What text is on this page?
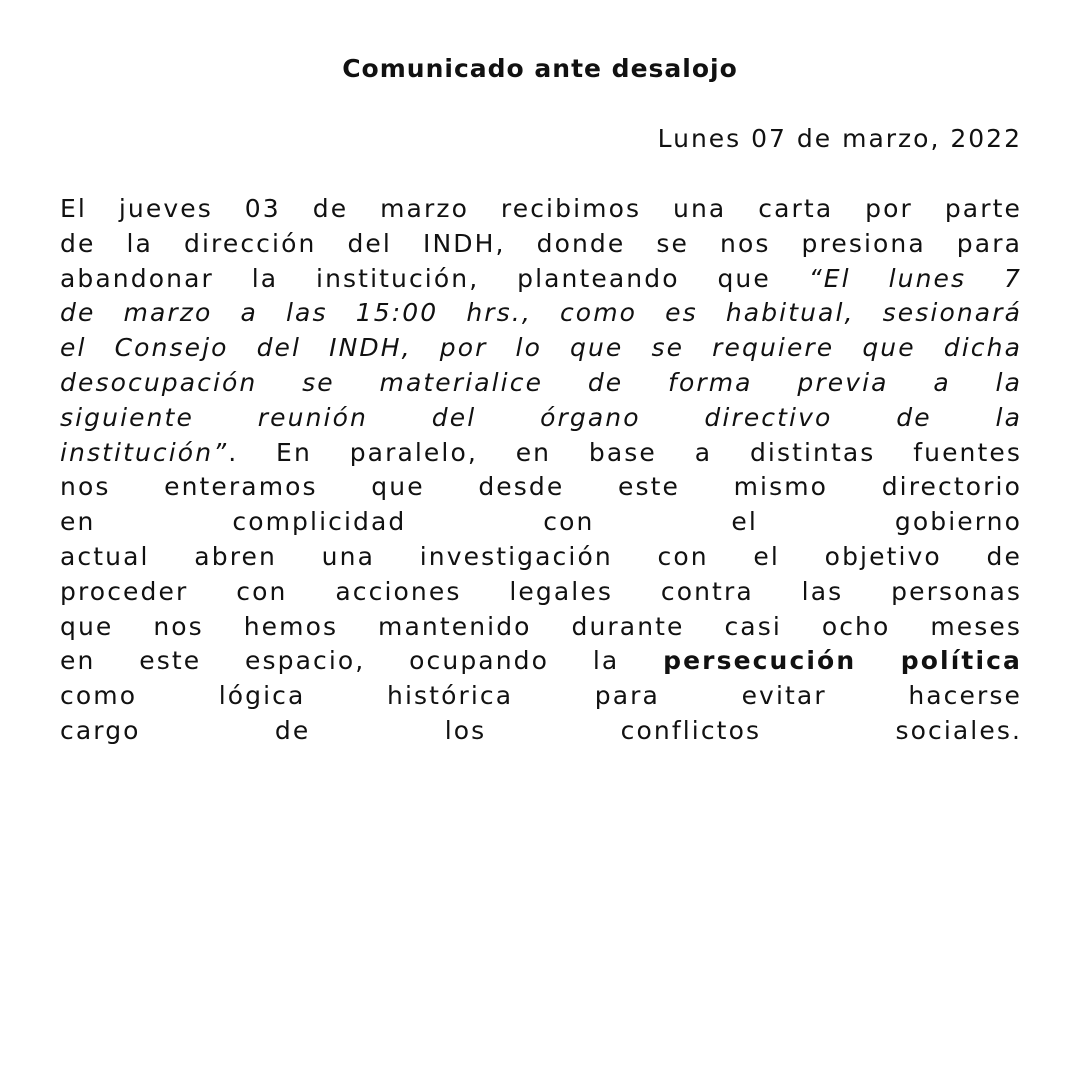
Comunicado ante desalojo

Lunes 07 de marzo, 2022

El jueves 03 de marzo recibimos una carta por parte
de la dirección del INDH, donde se nos presiona para
abandonar la institución, planteando que “El lunes 7
de marzo a las 15:00 hrs., como es habitual, sesionará
el Consejo del INDH, por lo que se requiere que dicha
desocupación se materialice de forma previa a la
siguiente reunión del órgano directivo de la
institución”. En paralelo, en base a distintas fuentes
nos enteramos que desde este mismo directorio
en complicidad con el gobierno
actual abren una investigación con el objetivo de
proceder con acciones legales contra las personas
que nos hemos mantenido durante casi ocho meses
en este espacio, ocupando la persecución política
como lógica histórica para evitar hacerse
cargo de los conflictos sociales.
